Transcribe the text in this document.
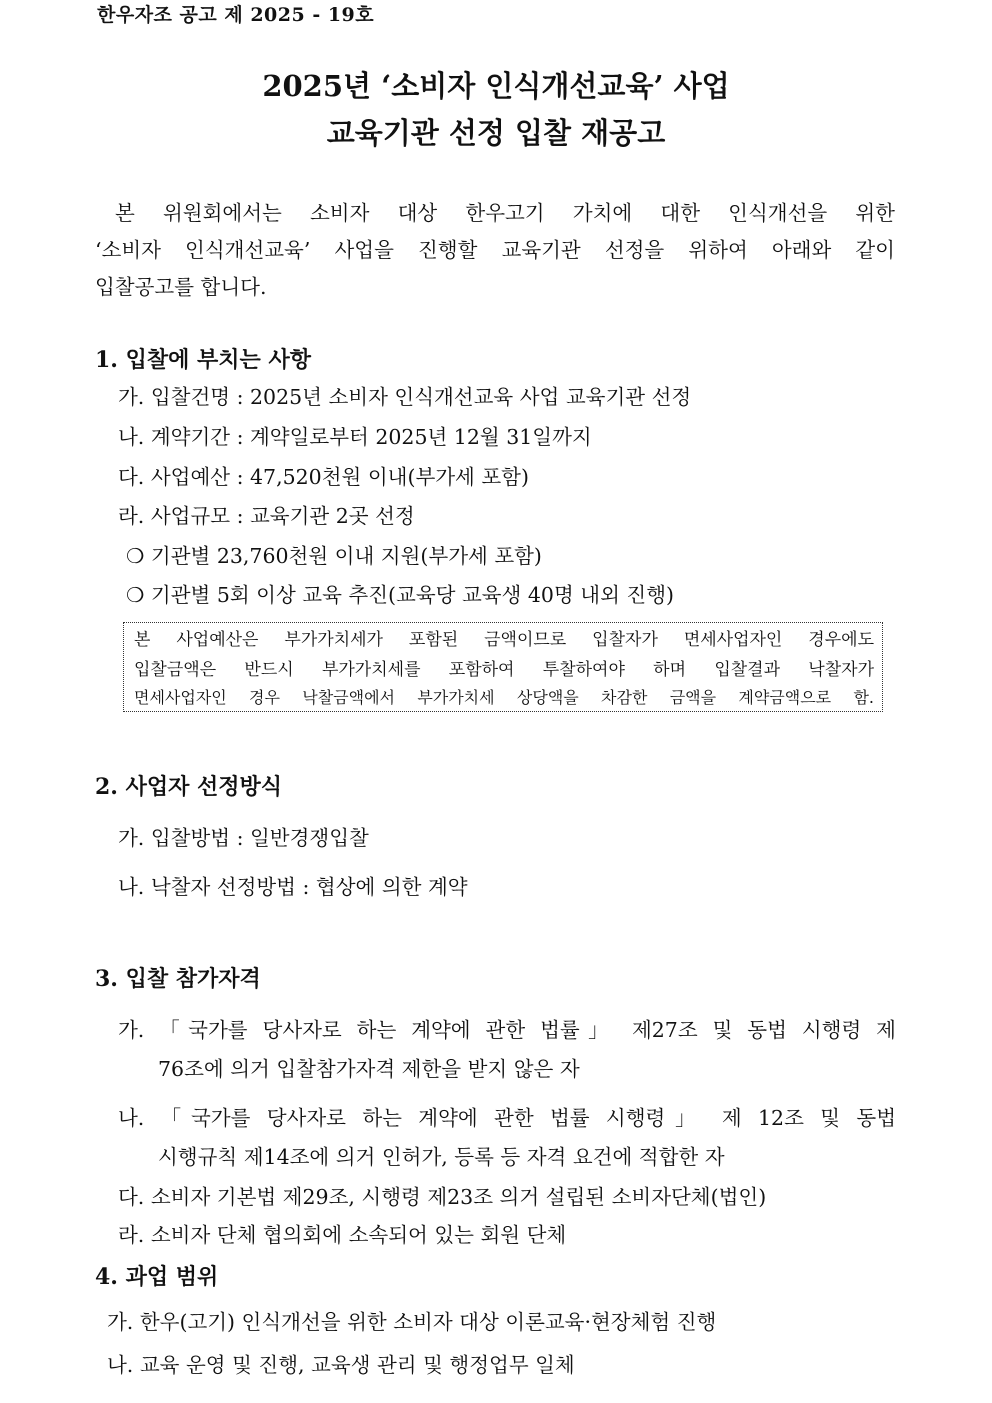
한우자조 공고 제 2025 - 19호
2025년 ‘소비자 인식개선교육’ 사업
교육기관 선정 입찰 재공고
본 위원회에서는 소비자 대상 한우고기 가치에 대한 인식개선을 위한
‘소비자 인식개선교육’ 사업을 진행할 교육기관 선정을 위하여 아래와 같이
입찰공고를 합니다.
1. 입찰에 부치는 사항
가. 입찰건명 : 2025년 소비자 인식개선교육 사업 교육기관 선정
나. 계약기간 : 계약일로부터 2025년 12월 31일까지
다. 사업예산 : 47,520천원 이내(부가세 포함)
라. 사업규모 : 교육기관 2곳 선정
❍ 기관별 23,760천원 이내 지원(부가세 포함)
❍ 기관별 5회 이상 교육 추진(교육당 교육생 40명 내외 진행)
본 사업예산은 부가가치세가 포함된 금액이므로 입찰자가 면세사업자인 경우에도
입찰금액은 반드시 부가가치세를 포함하여 투찰하여야 하며 입찰결과 낙찰자가
면세사업자인 경우 낙찰금액에서 부가가치세 상당액을 차감한 금액을 계약금액으로 함.
2. 사업자 선정방식
가. 입찰방법 : 일반경쟁입찰
나. 낙찰자 선정방법 : 협상에 의한 계약
3. 입찰 참가자격
가. 「국가를 당사자로 하는 계약에 관한 법률」 제27조 및 동법 시행령 제
76조에 의거 입찰참가자격 제한을 받지 않은 자
나. 「국가를 당사자로 하는 계약에 관한 법률 시행령」 제 12조 및 동법
시행규칙 제14조에 의거 인허가, 등록 등 자격 요건에 적합한 자
다. 소비자 기본법 제29조, 시행령 제23조 의거 설립된 소비자단체(법인)
라. 소비자 단체 협의회에 소속되어 있는 회원 단체
4. 과업 범위
가. 한우(고기) 인식개선을 위한 소비자 대상 이론교육·현장체험 진행
나. 교육 운영 및 진행, 교육생 관리 및 행정업무 일체
